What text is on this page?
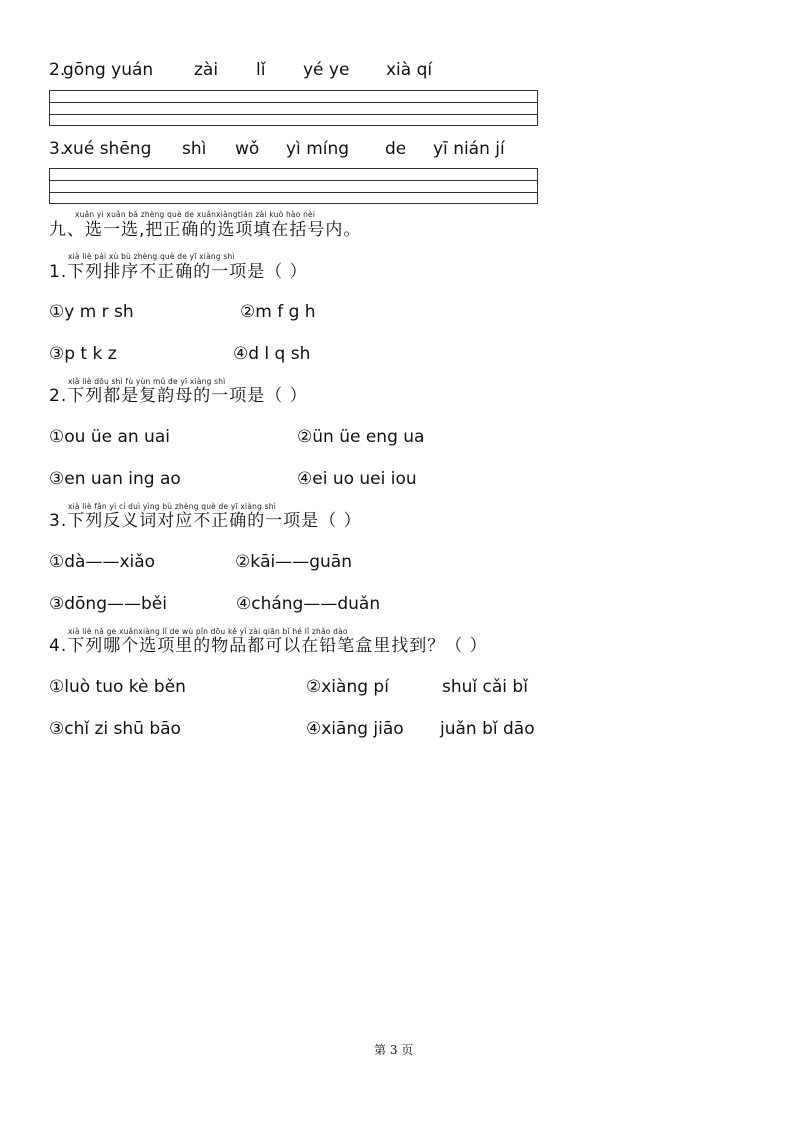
2.
gōng yuán zài lǐ yé ye xià qí
3.
xué shēng shì wǒ yì míng de yī nián jí
xuǎn yi xuǎn bǎ zhèng què de xuǎnxiàngtián zài kuò hào nèi
九、选一选,把正确的选项填在括号内。
xià liè pái xù bù zhèng què de yī xiàng shì
1.下列排序不正确的一项是（ ）
①y m r sh	②m f g h
③p t k z	④d l q sh
xià liè dōu shì fù yùn mǔ de yī xiàng shì
2.下列都是复韵母的一项是（ ）
①ou üe an uai	②ün üe eng ua
③en uan ing ao	④ei uo uei iou
xià liè fǎn yì cí duì yìng bù zhèng què de yī xiàng shì
3.下列反义词对应不正确的一项是（ ）
①dà——xiǎo	②kāi——guān
③dōng——běi	④cháng——duǎn
xià liè nǎ ge xuǎnxiàng lǐ de wù pǐn dōu kě yǐ zài qiān bǐ hé lǐ zhǎo dào
4.下列哪个选项里的物品都可以在铅笔盒里找到？（ ）
①luò tuo kè běn	②xiàng pí	shuǐ cǎi bǐ
③chǐ zi shū bāo	④xiāng jiāo juǎn bǐ dāo
第 3 页
